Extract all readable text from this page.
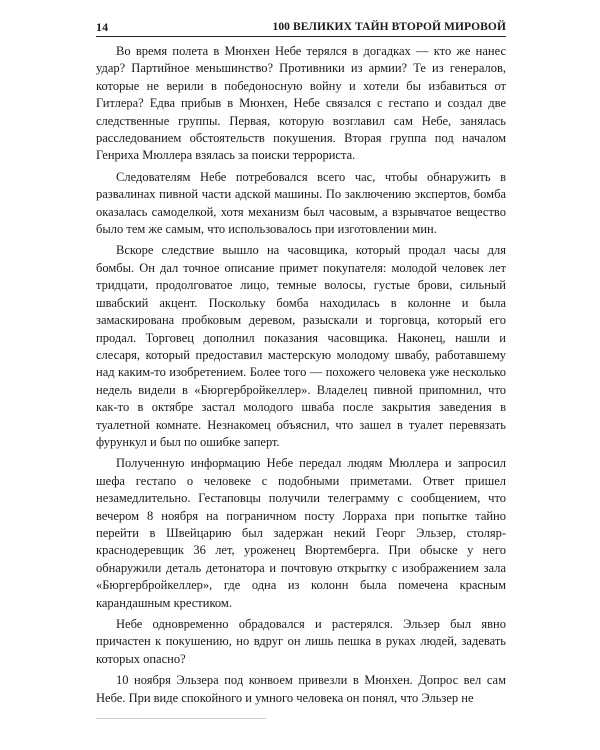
14	100 ВЕЛИКИХ ТАЙН ВТОРОЙ МИРОВОЙ

Во время полета в Мюнхен Небе терялся в догадках — кто же нанес удар? Партийное меньшинство? Противники из армии? Те из генералов, которые не верили в победоносную войну и хотели бы избавиться от Гитлера? Едва прибыв в Мюнхен, Небе связался с гестапо и создал две следственные группы. Первая, которую возглавил сам Небе, занялась расследованием обстоятельств покушения. Вторая группа под началом Генриха Мюллера взялась за поиски террориста.

Следователям Небе потребовался всего час, чтобы обнаружить в развалинах пивной части адской машины. По заключению экспертов, бомба оказалась самоделкой, хотя механизм был часовым, а взрывчатое вещество было тем же самым, что использовалось при изготовлении мин.

Вскоре следствие вышло на часовщика, который продал часы для бомбы. Он дал точное описание примет покупателя: молодой человек лет тридцати, продолговатое лицо, темные волосы, густые брови, сильный швабский акцент. Поскольку бомба находилась в колонне и была замаскирована пробковым деревом, разыскали и торговца, который его продал. Торговец дополнил показания часовщика. Наконец, нашли и слесаря, который предоставил мастерскую молодому швабу, работавшему над каким-то изобретением. Более того — похожего человека уже несколько недель видели в «Бюргербройкеллер». Владелец пивной припомнил, что как-то в октябре застал молодого шваба после закрытия заведения в туалетной комнате. Незнакомец объяснил, что зашел в туалет перевязать фурункул и был по ошибке заперт.

Полученную информацию Небе передал людям Мюллера и запросил шефа гестапо о человеке с подобными приметами. Ответ пришел незамедлительно. Гестаповцы получили телеграмму с сообщением, что вечером 8 ноября на пограничном посту Лорраха при попытке тайно перейти в Швейцарию был задержан некий Георг Эльзер, столяр-краснодеревщик 36 лет, уроженец Вюртемберга. При обыске у него обнаружили деталь детонатора и почтовую открытку с изображением зала «Бюргербройкеллер», где одна из колонн была помечена красным карандашным крестиком.

Небе одновременно обрадовался и растерялся. Эльзер был явно причастен к покушению, но вдруг он лишь пешка в руках людей, задевать которых опасно?

10 ноября Эльзера под конвоем привезли в Мюнхен. Допрос вел сам Небе. При виде спокойного и умного человека он понял, что Эльзер не
